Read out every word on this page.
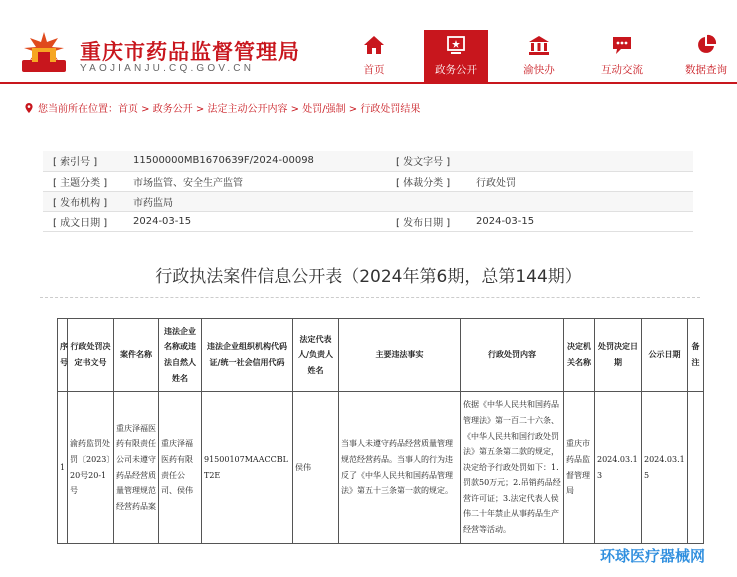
重庆市药品监督管理局
YAOJIANJU.CQ.GOV.CN	首页	政务公开	渝快办	互动交流	数据查询
您当前所在位置：首页 > 政务公开 > 法定主动公开内容 > 处罚/强制 > 行政处罚结果
[ 索引号 ]	11500000MB1670639F/2024-00098	[ 发文字号 ]	
[ 主题分类 ]	市场监管、安全生产监管	[ 体裁分类 ]	行政处罚
[ 发布机构 ]	市药监局		
[ 成文日期 ]	2024-03-15	[ 发布日期 ]	2024-03-15
行政执法案件信息公开表（2024年第6期，总第144期）
序号	行政处罚决定书文号	案件名称	违法企业名称或违法自然人姓名	违法企业组织机构代码证/统一社会信用代码	法定代表人/负责人姓名	主要违法事实	行政处罚内容	决定机关名称	处罚决定日期	公示日期	备注
1	渝药监罚处罚〔2023〕20号20-1号	重庆泽福医药有限责任公司未遵守药品经营质量管理规范经营药品案	重庆泽福医药有限责任公司、侯伟	91500107MAACCBLT2E	侯伟	当事人未遵守药品经营质量管理规范经营药品。当事人的行为违反了《中华人民共和国药品管理法》第五十三条第一款的规定。	依据《中华人民共和国药品管理法》第一百二十六条、《中华人民共和国行政处罚法》第五条第二款的规定，决定给予行政处罚如下：1.罚款50万元；2.吊销药品经营许可证；3.法定代表人侯伟二十年禁止从事药品生产经营等活动。	重庆市药品监督管理局	2024.03.13	2024.03.15	
环球医疗器械网
